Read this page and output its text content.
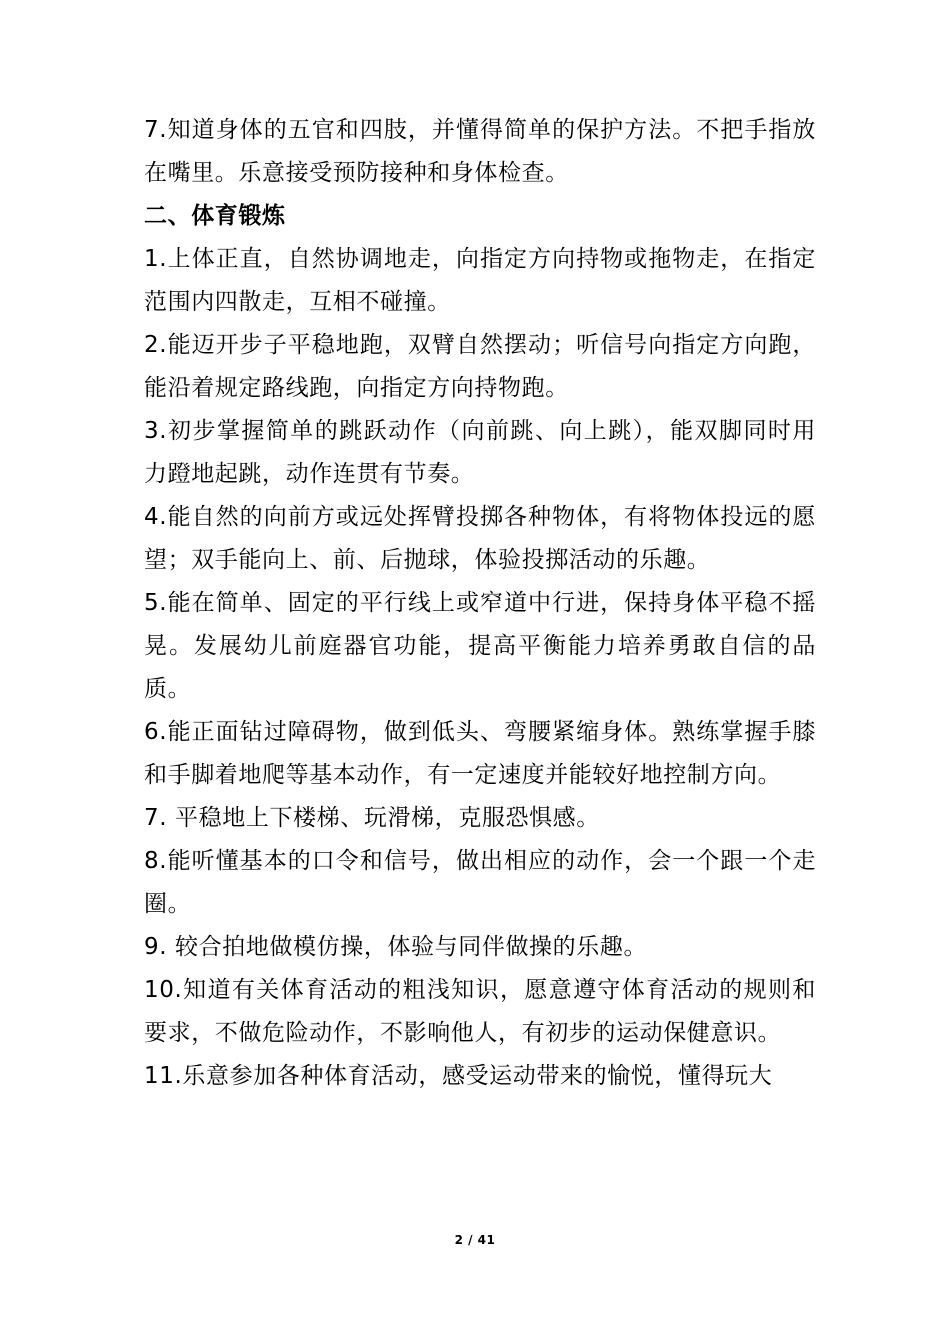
7.知道身体的五官和四肢，并懂得简单的保护方法。不把手指放在嘴里。乐意接受预防接种和身体检查。

二、体育锻炼

1.上体正直，自然协调地走，向指定方向持物或拖物走，在指定范围内四散走，互相不碰撞。

2.能迈开步子平稳地跑，双臂自然摆动；听信号向指定方向跑，能沿着规定路线跑，向指定方向持物跑。

3.初步掌握简单的跳跃动作（向前跳、向上跳），能双脚同时用力蹬地起跳，动作连贯有节奏。

4.能自然的向前方或远处挥臂投掷各种物体，有将物体投远的愿望；双手能向上、前、后抛球，体验投掷活动的乐趣。

5.能在简单、固定的平行线上或窄道中行进，保持身体平稳不摇晃。发展幼儿前庭器官功能，提高平衡能力培养勇敢自信的品质。

6.能正面钻过障碍物，做到低头、弯腰紧缩身体。熟练掌握手膝和手脚着地爬等基本动作，有一定速度并能较好地控制方向。

7. 平稳地上下楼梯、玩滑梯，克服恐惧感。

8.能听懂基本的口令和信号，做出相应的动作，会一个跟一个走圈。

9. 较合拍地做模仿操，体验与同伴做操的乐趣。

10.知道有关体育活动的粗浅知识，愿意遵守体育活动的规则和要求，不做危险动作，不影响他人，有初步的运动保健意识。

11.乐意参加各种体育活动，感受运动带来的愉悦，懂得玩大

2 / 41
